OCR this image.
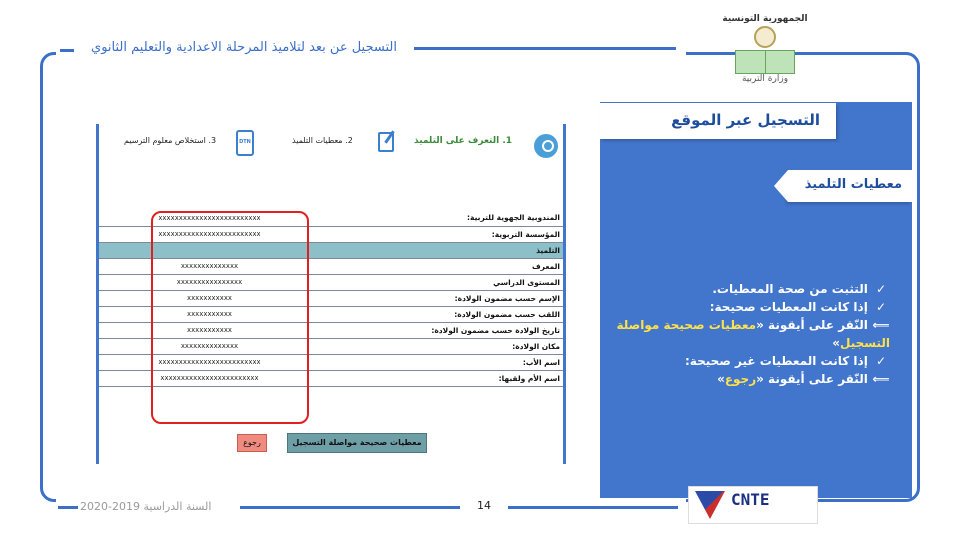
التسجيل عن بعد لتلاميذ المرحلة الاعدادية والتعليم الثانوي
الجمهورية التونسية
وزارة التربية
التسجيل عبر الموقع
معطيات التلميذ
✓ التثبت من صحة المعطيات.
✓ إذا كانت المعطيات صحيحة:
⟸ النّقر على أيقونة «معطيات صحيحة مواصلة التسجيل»
✓ إذا كانت المعطيات غير صحيحة:
⟸ النّقر على أيقونة «رجوع»
1. التعرف على التلميذ
2. معطيات التلميذ
DTN
3. استخلاص معلوم الترسيم
xxxxxxxxxxxxxxxxxxxxxxxxx	المندوبية الجهوية للتربية:
xxxxxxxxxxxxxxxxxxxxxxxxx	المؤسسة التربوية:
التلميذ	
xxxxxxxxxxxxxx	المعرف
xxxxxxxxxxxxxxxx	المستوى الدراسي
xxxxxxxxxxx	الإسم حسب مضمون الولادة:
xxxxxxxxxxx	اللقب حسب مضمون الولادة:
xxxxxxxxxxx	تاريخ الولادة حسب مضمون الولادة:
xxxxxxxxxxxxxx	مكان الولادة:
xxxxxxxxxxxxxxxxxxxxxxxxx	اسم الأب:
xxxxxxxxxxxxxxxxxxxxxxxx	اسم الأم ولقبها:
معطيات صحيحة مواصلة التسجيل
رجوع
السنة الدراسية 2019-2020	14	CNTE
